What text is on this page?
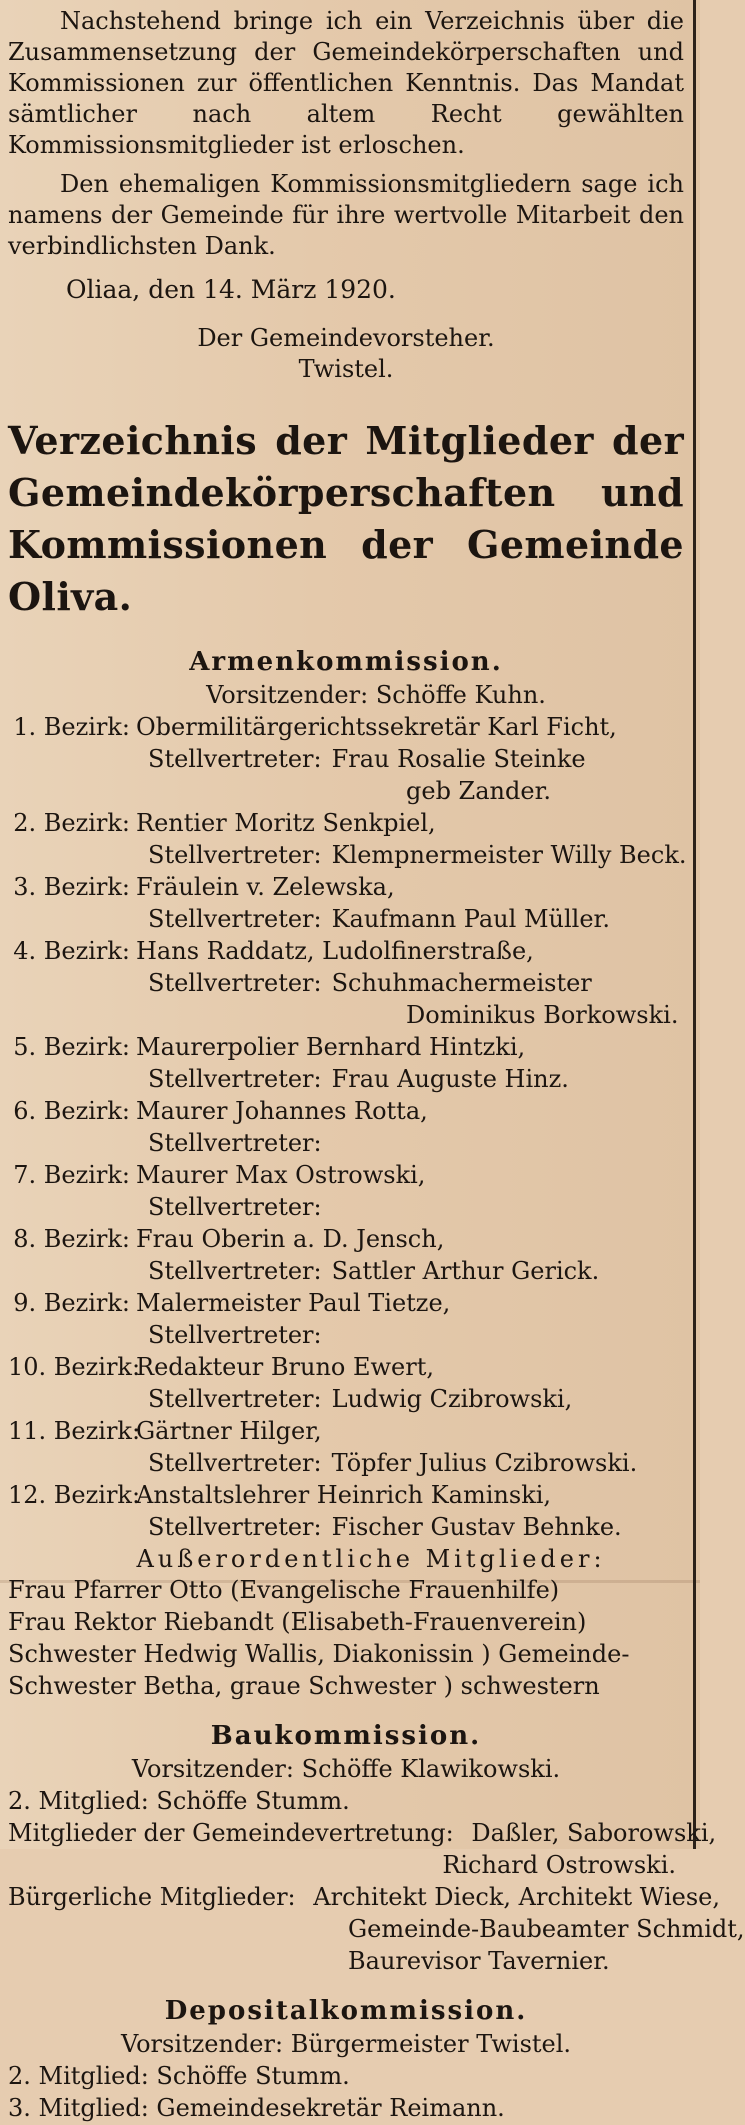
Nachstehend bringe ich ein Verzeichnis über die Zusammensetzung der Gemeindekörperschaften und Kommissionen zur öffentlichen Kenntnis. Das Mandat sämtlicher nach altem Recht gewählten Kommissionsmitglieder ist erloschen.

Den ehemaligen Kommissionsmitgliedern sage ich namens der Gemeinde für ihre wertvolle Mitarbeit den verbindlichsten Dank.

Oliaa, den 14. März 1920.
Der Gemeindevorsteher.
Twistel.
Verzeichnis der Mitglieder der Gemeindekörperschaften und Kommissionen der Gemeinde Oliva.
Armenkommission.
Vorsitzender: Schöffe Kuhn.
1. Bezirk: Obermilitärgerichtssekretär Karl Ficht,
Stellvertreter: Frau Rosalie Steinke
geb Zander.
2. Bezirk: Rentier Moritz Senkpiel,
Stellvertreter: Klempnermeister Willy Beck.
3. Bezirk: Fräulein v. Zelewska,
Stellvertreter: Kaufmann Paul Müller.
4. Bezirk: Hans Raddatz, Ludolfinerstraße,
Stellvertreter: Schuhmachermeister
Dominikus Borkowski.
5. Bezirk: Maurerpolier Bernhard Hintzki,
Stellvertreter: Frau Auguste Hinz.
6. Bezirk: Maurer Johannes Rotta,
Stellvertreter:
7. Bezirk: Maurer Max Ostrowski,
Stellvertreter:
8. Bezirk: Frau Oberin a. D. Jensch,
Stellvertreter: Sattler Arthur Gerick.
9. Bezirk: Malermeister Paul Tietze,
Stellvertreter:
10. Bezirk:
Redakteur Bruno Ewert,
Stellvertreter: Ludwig Czibrowski,
11. Bezirk:
Gärtner Hilger,
Stellvertreter: Töpfer Julius Czibrowski.
12. Bezirk:
Anstaltslehrer Heinrich Kaminski,
Stellvertreter: Fischer Gustav Behnke.
Außerordentliche Mitglieder:
Frau Pfarrer Otto (Evangelische Frauenhilfe)
Frau Rektor Riebandt (Elisabeth-Frauenverein)
Schwester Hedwig Wallis, Diakonissin ) Gemeinde-
Schwester Betha, graue Schwester ) schwestern
Baukommission.
Vorsitzender: Schöffe Klawikowski.
2. Mitglied: Schöffe Stumm.
Mitglieder der Gemeindevertretung: Daßler, Saborowski,
Richard Ostrowski.
Bürgerliche Mitglieder: Architekt Dieck, Architekt Wiese,
Gemeinde-Baubeamter Schmidt,
Baurevisor Tavernier.
Depositalkommission.
Vorsitzender: Bürgermeister Twistel.
2. Mitglied: Schöffe Stumm.
3. Mitglied: Gemeindesekretär Reimann.
